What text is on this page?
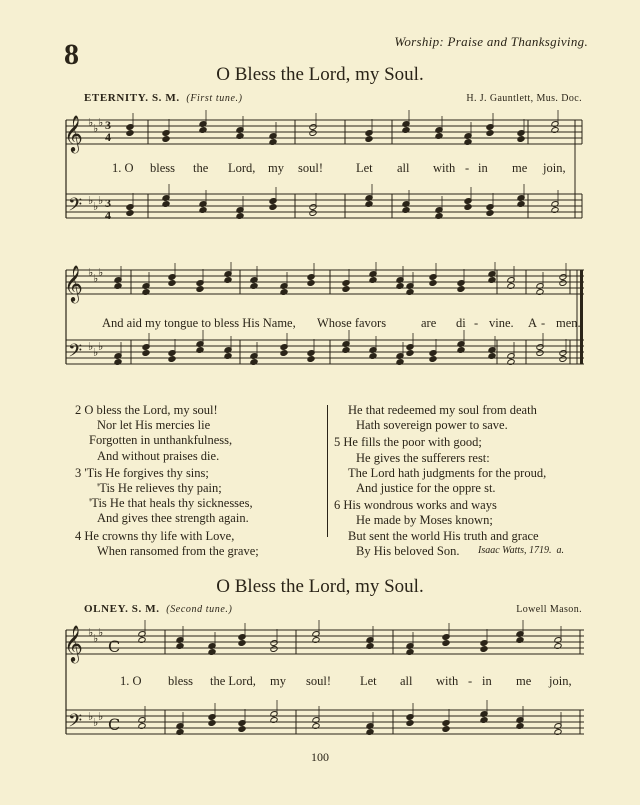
8	Worship: Praise and Thanksgiving.
O Bless the Lord, my Soul.
ETERNITY. S. M. (First tune.)	H. J. Gauntlett, Mus. Doc.
𝄞 ♭ ♭ ♭ 3
4
𝄢 ♭ ♭ ♭ 3
4
1. O bless the Lord, my soul!	Let all with - in me join,
𝄞 ♭ ♭ ♭
𝄢 ♭ ♭ ♭
And aid my tongue to bless His Name, Whose favors	are di - vine. A - men.
2 O bless the Lord, my soul!
Nor let His mercies lie
Forgotten in unthankfulness,
And without praises die.
3 'Tis He forgives thy sins;
'Tis He relieves thy pain;
'Tis He that heals thy sicknesses,
And gives thee strength again.
4 He crowns thy life with Love,
When ransomed from the grave;
He that redeemed my soul from death
Hath sovereign power to save.
5 He fills the poor with good;
He gives the sufferers rest:
The Lord hath judgments for the proud,
And justice for the oppre st.
6 His wondrous works and ways
He made by Moses known;
But sent the world His truth and grace
By His beloved Son.	Isaac Watts, 1719. a.
O Bless the Lord, my Soul.
OLNEY. S. M. (Second tune.)	Lowell Mason.
𝄞 ♭ ♭ ♭
𝄢 ♭ ♭ ♭
C
C
1. O bless the Lord, my soul! Let all with - in me join,
100
